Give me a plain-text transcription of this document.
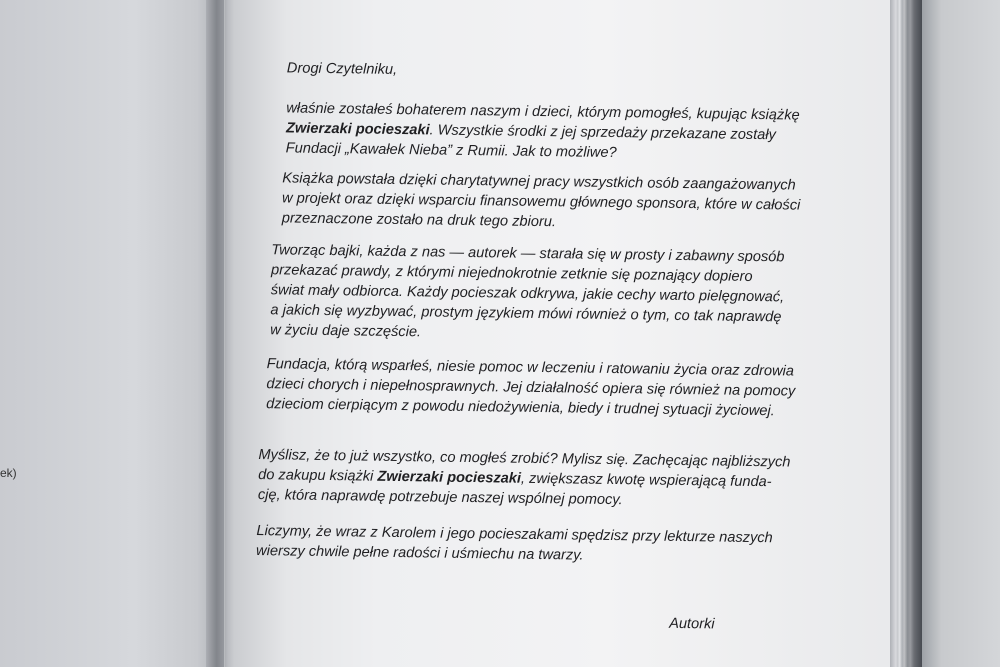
ek)

Drogi Czytelniku,

właśnie zostałeś bohaterem naszym i dzieci, którym pomogłeś, kupując książkę
Zwierzaki pocieszaki. Wszystkie środki z jej sprzedaży przekazane zostały
Fundacji „Kawałek Nieba” z Rumii. Jak to możliwe?

Książka powstała dzięki charytatywnej pracy wszystkich osób zaangażowanych
w projekt oraz dzięki wsparciu finansowemu głównego sponsora, które w całości
przeznaczone zostało na druk tego zbioru.

Tworząc bajki, każda z nas — autorek — starała się w prosty i zabawny sposób
przekazać prawdy, z którymi niejednokrotnie zetknie się poznający dopiero
świat mały odbiorca. Każdy pocieszak odkrywa, jakie cechy warto pielęgnować,
a jakich się wyzbywać, prostym językiem mówi również o tym, co tak naprawdę
w życiu daje szczęście.

Fundacja, którą wsparłeś, niesie pomoc w leczeniu i ratowaniu życia oraz zdrowia
dzieci chorych i niepełnosprawnych. Jej działalność opiera się również na pomocy
dzieciom cierpiącym z powodu niedożywienia, biedy i trudnej sytuacji życiowej.

Myślisz, że to już wszystko, co mogłeś zrobić? Mylisz się. Zachęcając najbliższych
do zakupu książki Zwierzaki pocieszaki, zwiększasz kwotę wspierającą funda-
cję, która naprawdę potrzebuje naszej wspólnej pomocy.

Liczymy, że wraz z Karolem i jego pocieszakami spędzisz przy lekturze naszych
wierszy chwile pełne radości i uśmiechu na twarzy.

Autorki
